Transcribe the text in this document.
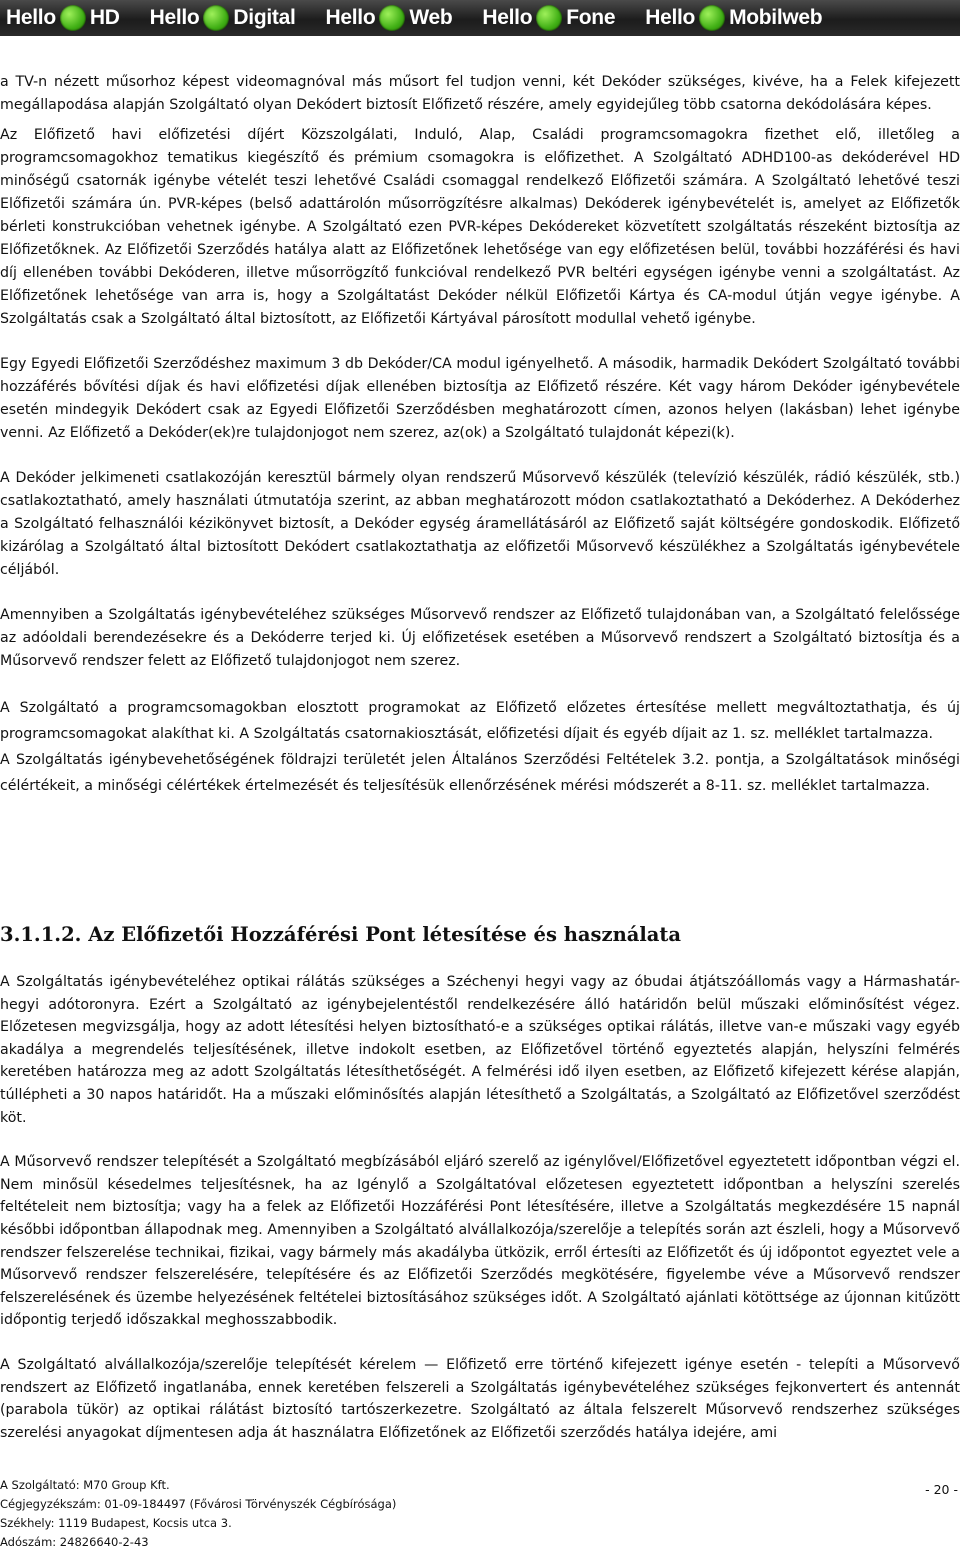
Hello HD Hello Digital Hello Web Hello Fone Hello Mobilweb

a TV-n nézett műsorhoz képest videomagnóval más műsort fel tudjon venni, két Dekóder szükséges, kivéve, ha a Felek kifejezett megállapodása alapján Szolgáltató olyan Dekódert biztosít Előfizető részére, amely egyidejűleg több csatorna dekódolására képes.

Az Előfizető havi előfizetési díjért Közszolgálati, Induló, Alap, Családi programcsomagokra fizethet elő, illetőleg a programcsomagokhoz tematikus kiegészítő és prémium csomagokra is előfizethet. A Szolgáltató ADHD100-as dekóderével HD minőségű csatornák igénybe vételét teszi lehetővé Családi csomaggal rendelkező Előfizetői számára. A Szolgáltató lehetővé teszi Előfizetői számára ún. PVR-képes (belső adattárolón műsorrögzítésre alkalmas) Dekóderek igénybevételét is, amelyet az Előfizetők bérleti konstrukcióban vehetnek igénybe. A Szolgáltató ezen PVR-képes Dekódereket közvetített szolgáltatás részeként biztosítja az Előfizetőknek. Az Előfizetői Szerződés hatálya alatt az Előfizetőnek lehetősége van egy előfizetésen belül, további hozzáférési és havi díj ellenében további Dekóderen, illetve műsorrögzítő funkcióval rendelkező PVR beltéri egységen igénybe venni a szolgáltatást. Az Előfizetőnek lehetősége van arra is, hogy a Szolgáltatást Dekóder nélkül Előfizetői Kártya és CA-modul útján vegye igénybe. A Szolgáltatás csak a Szolgáltató által biztosított, az Előfizetői Kártyával párosított modullal vehető igénybe.

Egy Egyedi Előfizetői Szerződéshez maximum 3 db Dekóder/CA modul igényelhető. A második, harmadik Dekódert Szolgáltató további hozzáférés bővítési díjak és havi előfizetési díjak ellenében biztosítja az Előfizető részére. Két vagy három Dekóder igénybevétele esetén mindegyik Dekódert csak az Egyedi Előfizetői Szerződésben meghatározott címen, azonos helyen (lakásban) lehet igénybe venni. Az Előfizető a Dekóder(ek)re tulajdonjogot nem szerez, az(ok) a Szolgáltató tulajdonát képezi(k).

A Dekóder jelkimeneti csatlakozóján keresztül bármely olyan rendszerű Műsorvevő készülék (televízió készülék, rádió készülék, stb.) csatlakoztatható, amely használati útmutatója szerint, az abban meghatározott módon csatlakoztatható a Dekóderhez. A Dekóderhez a Szolgáltató felhasználói kézikönyvet biztosít, a Dekóder egység áramellátásáról az Előfizető saját költségére gondoskodik. Előfizető kizárólag a Szolgáltató által biztosított Dekódert csatlakoztathatja az előfizetői Műsorvevő készülékhez a Szolgáltatás igénybevétele céljából.

Amennyiben a Szolgáltatás igénybevételéhez szükséges Műsorvevő rendszer az Előfizető tulajdonában van, a Szolgáltató felelőssége az adóoldali berendezésekre és a Dekóderre terjed ki. Új előfizetések esetében a Műsorvevő rendszert a Szolgáltató biztosítja és a Műsorvevő rendszer felett az Előfizető tulajdonjogot nem szerez.

A Szolgáltató a programcsomagokban elosztott programokat az Előfizető előzetes értesítése mellett megváltoztathatja, és új programcsomagokat alakíthat ki. A Szolgáltatás csatornakiosztását, előfizetési díjait és egyéb díjait az 1. sz. melléklet tartalmazza.

A Szolgáltatás igénybevehetőségének földrajzi területét jelen Általános Szerződési Feltételek 3.2. pontja, a Szolgáltatások minőségi célértékeit, a minőségi célértékek értelmezését és teljesítésük ellenőrzésének mérési módszerét a 8-11. sz. melléklet tartalmazza.

3.1.1.2. Az Előfizetői Hozzáférési Pont létesítése és használata

A Szolgáltatás igénybevételéhez optikai rálátás szükséges a Széchenyi hegyi vagy az óbudai átjátszóállomás vagy a Hármashatár-hegyi adótoronyra. Ezért a Szolgáltató az igénybejelentéstől rendelkezésére álló határidőn belül műszaki előminősítést végez. Előzetesen megvizsgálja, hogy az adott létesítési helyen biztosítható-e a szükséges optikai rálátás, illetve van-e műszaki vagy egyéb akadálya a megrendelés teljesítésének, illetve indokolt esetben, az Előfizetővel történő egyeztetés alapján, helyszíni felmérés keretében határozza meg az adott Szolgáltatás létesíthetőségét. A felmérési idő ilyen esetben, az Előfizető kifejezett kérése alapján, túllépheti a 30 napos határidőt. Ha a műszaki előminősítés alapján létesíthető a Szolgáltatás, a Szolgáltató az Előfizetővel szerződést köt.

A Műsorvevő rendszer telepítését a Szolgáltató megbízásából eljáró szerelő az igénylővel/Előfizetővel egyeztetett időpontban végzi el. Nem minősül késedelmes teljesítésnek, ha az Igénylő a Szolgáltatóval előzetesen egyeztetett időpontban a helyszíni szerelés feltételeit nem biztosítja; vagy ha a felek az Előfizetői Hozzáférési Pont létesítésére, illetve a Szolgáltatás megkezdésére 15 napnál későbbi időpontban állapodnak meg. Amennyiben a Szolgáltató alvállalkozója/szerelője a telepítés során azt észleli, hogy a Műsorvevő rendszer felszerelése technikai, fizikai, vagy bármely más akadályba ütközik, erről értesíti az Előfizetőt és új időpontot egyeztet vele a Műsorvevő rendszer felszerelésére, telepítésére és az Előfizetői Szerződés megkötésére, figyelembe véve a Műsorvevő rendszer felszerelésének és üzembe helyezésének feltételei biztosításához szükséges időt. A Szolgáltató ajánlati kötöttsége az újonnan kitűzött időpontig terjedő időszakkal meghosszabbodik.

A Szolgáltató alvállalkozója/szerelője telepítését kérelem — Előfizető erre történő kifejezett igénye esetén - telepíti a Műsorvevő rendszert az Előfizető ingatlanába, ennek keretében felszereli a Szolgáltatás igénybevételéhez szükséges fejkonvertert és antennát (parabola tükör) az optikai rálátást biztosító tartószerkezetre. Szolgáltató az általa felszerelt Műsorvevő rendszerhez szükséges szerelési anyagokat díjmentesen adja át használatra Előfizetőnek az Előfizetői szerződés hatálya idejére, ami

A Szolgáltató: M70 Group Kft.
Cégjegyzékszám: 01-09-184497 (Fővárosi Törvényszék Cégbírósága)
Székhely: 1119 Budapest, Kocsis utca 3.
Adószám: 24826640-2-43
- 20 -
